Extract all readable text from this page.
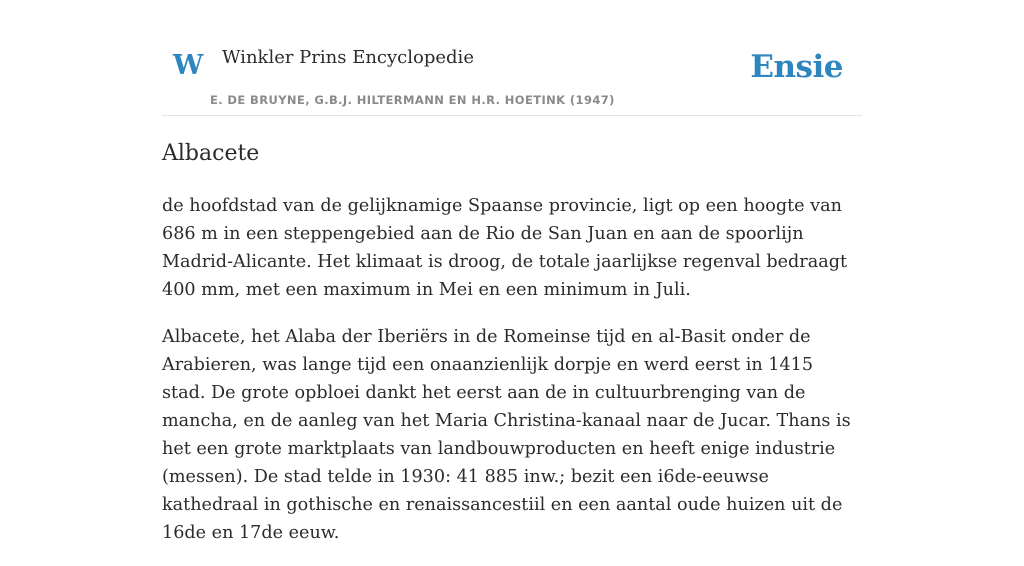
W Winkler Prins Encyclopedie	Ensie
E. DE BRUYNE, G.B.J. HILTERMANN EN H.R. HOETINK (1947)
Albacete

de hoofdstad van de gelijknamige Spaanse provincie, ligt op een hoogte van 686 m in een steppengebied aan de Rio de San Juan en aan de spoorlijn Madrid-Alicante. Het klimaat is droog, de totale jaarlijkse regenval bedraagt 400 mm, met een maximum in Mei en een minimum in Juli.

Albacete, het Alaba der Iberiërs in de Romeinse tijd en al-Basit onder de Arabieren, was lange tijd een onaanzienlijk dorpje en werd eerst in 1415 stad. De grote opbloei dankt het eerst aan de in cultuurbrenging van de mancha, en de aanleg van het Maria Christina-kanaal naar de Jucar. Thans is het een grote marktplaats van landbouwproducten en heeft enige industrie (messen). De stad telde in 1930: 41 885 inw.; bezit een i6de-eeuwse kathedraal in gothische en renaissancestiil en een aantal oude huizen uit de 16de en 17de eeuw.
